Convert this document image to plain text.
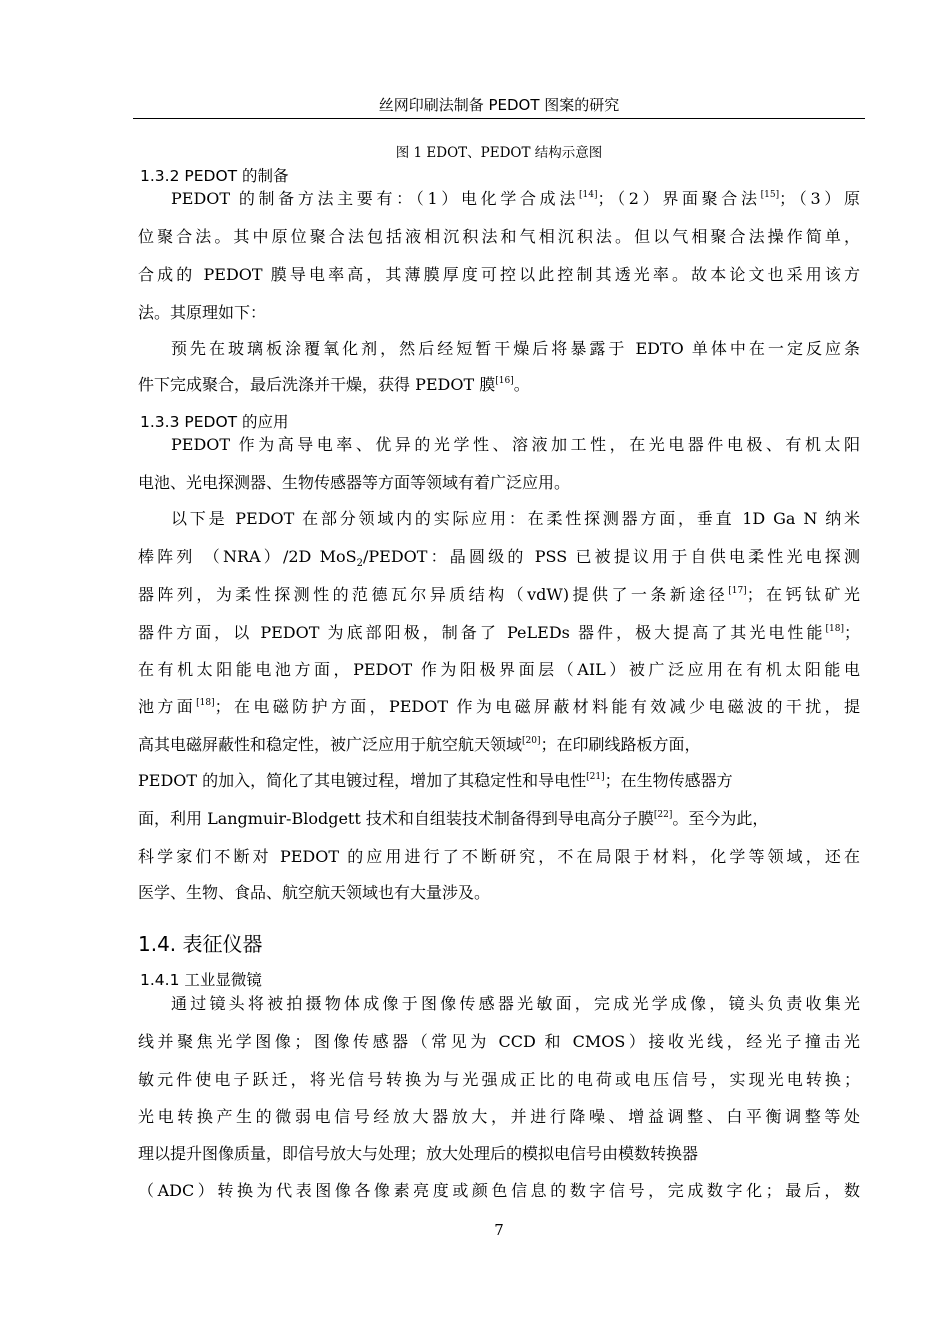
丝网印刷法制备 PEDOT 图案的研究
图 1 EDOT、PEDOT 结构示意图
1.3.2 PEDOT 的制备
PEDOT 的制备方法主要有：（1）电化学合成法[14]；（2）界面聚合法[15]；（3）原
位聚合法。其中原位聚合法包括液相沉积法和气相沉积法。但以气相聚合法操作简单，
合成的 PEDOT 膜导电率高，其薄膜厚度可控以此控制其透光率。故本论文也采用该方
法。其原理如下：
预先在玻璃板涂覆氧化剂，然后经短暂干燥后将暴露于 EDTO 单体中在一定反应条
件下完成聚合，最后洗涤并干燥，获得 PEDOT 膜[16]。
1.3.3 PEDOT 的应用
PEDOT 作为高导电率、优异的光学性、溶液加工性，在光电器件电极、有机太阳
电池、光电探测器、生物传感器等方面等领域有着广泛应用。
以下是 PEDOT 在部分领域内的实际应用：在柔性探测器方面，垂直 1D Ga N 纳米
棒阵列 （NRA）/2D MoS$_2$/PEDOT：晶圆级的 PSS 已被提议用于自供电柔性光电探测
器阵列，为柔性探测性的范德瓦尔异质结构（vdW)提供了一条新途径[17]；在钙钛矿光
器件方面，以 PEDOT 为底部阳极，制备了 PeLEDs 器件，极大提高了其光电性能[18]；
在有机太阳能电池方面，PEDOT 作为阳极界面层（AIL）被广泛应用在有机太阳能电
池方面[18]；在电磁防护方面，PEDOT 作为电磁屏蔽材料能有效减少电磁波的干扰，提
高其电磁屏蔽性和稳定性，被广泛应用于航空航天领域[20]；在印刷线路板方面，
PEDOT 的加入，简化了其电镀过程，增加了其稳定性和导电性[21]；在生物传感器方
面，利用 Langmuir-Blodgett 技术和自组装技术制备得到导电高分子膜[22]。至今为此，
科学家们不断对 PEDOT 的应用进行了不断研究，不在局限于材料，化学等领域，还在
医学、生物、食品、航空航天领域也有大量涉及。
1.4. 表征仪器
1.4.1 工业显微镜
通过镜头将被拍摄物体成像于图像传感器光敏面，完成光学成像，镜头负责收集光
线并聚焦光学图像；图像传感器（常见为 CCD 和 CMOS）接收光线，经光子撞击光
敏元件使电子跃迁，将光信号转换为与光强成正比的电荷或电压信号，实现光电转换；
光电转换产生的微弱电信号经放大器放大，并进行降噪、增益调整、白平衡调整等处
理以提升图像质量，即信号放大与处理；放大处理后的模拟电信号由模数转换器
（ADC）转换为代表图像各像素亮度或颜色信息的数字信号，完成数字化；最后，数
7
